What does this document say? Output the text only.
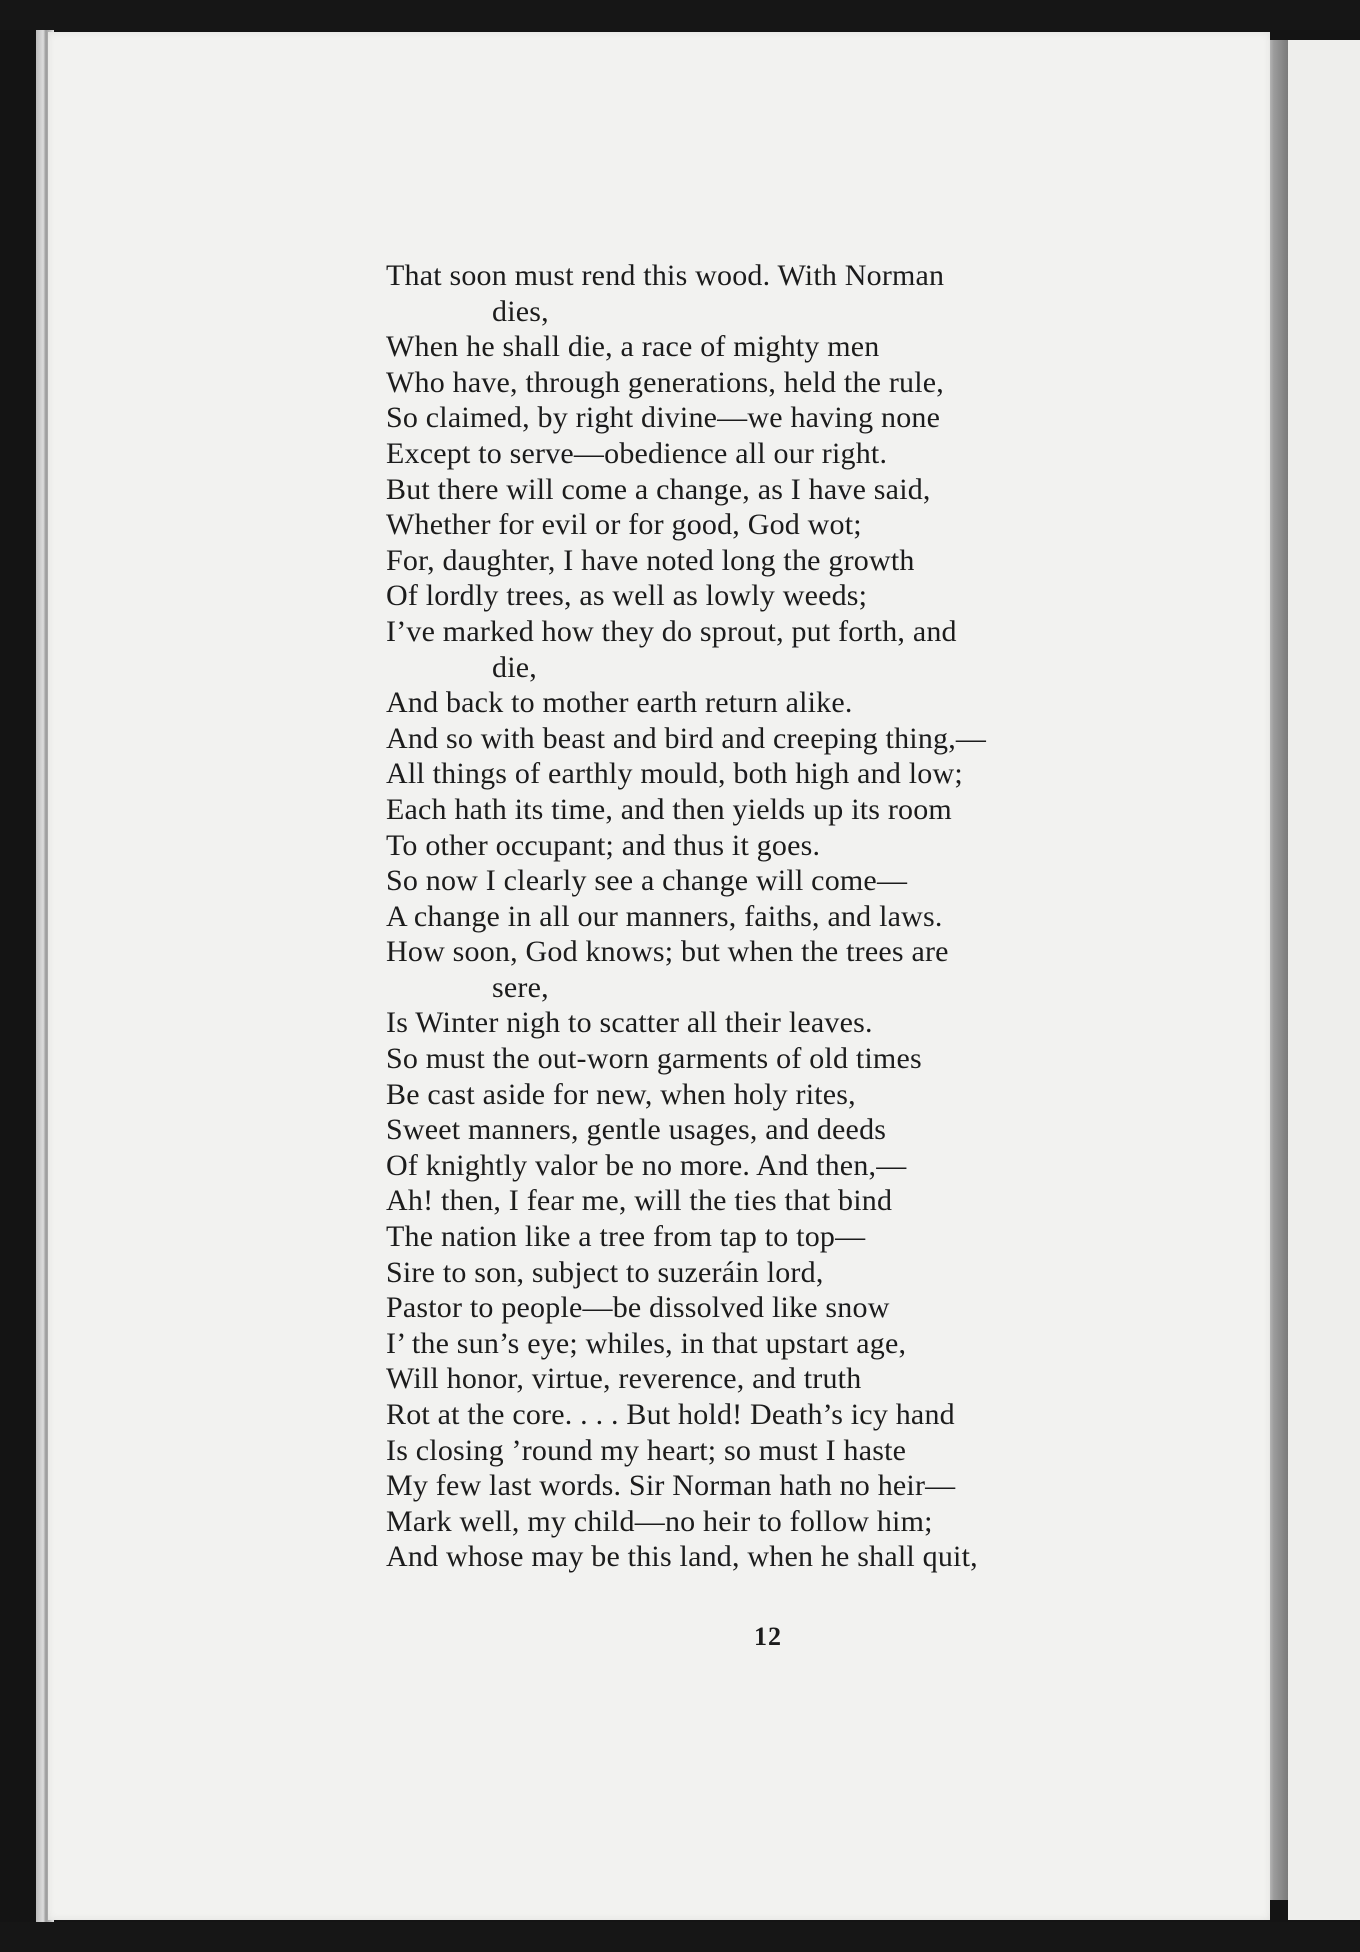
That soon must rend this wood. With Norman
dies,
When he shall die, a race of mighty men
Who have, through generations, held the rule,
So claimed, by right divine—we having none
Except to serve—obedience all our right.
But there will come a change, as I have said,
Whether for evil or for good, God wot;
For, daughter, I have noted long the growth
Of lordly trees, as well as lowly weeds;
I’ve marked how they do sprout, put forth, and
die,
And back to mother earth return alike.
And so with beast and bird and creeping thing,—
All things of earthly mould, both high and low;
Each hath its time, and then yields up its room
To other occupant; and thus it goes.
So now I clearly see a change will come—
A change in all our manners, faiths, and laws.
How soon, God knows; but when the trees are
sere,
Is Winter nigh to scatter all their leaves.
So must the out-worn garments of old times
Be cast aside for new, when holy rites,
Sweet manners, gentle usages, and deeds
Of knightly valor be no more. And then,—
Ah! then, I fear me, will the ties that bind
The nation like a tree from tap to top—
Sire to son, subject to suzeráin lord,
Pastor to people—be dissolved like snow
I’ the sun’s eye; whiles, in that upstart age,
Will honor, virtue, reverence, and truth
Rot at the core. . . . But hold! Death’s icy hand
Is closing ’round my heart; so must I haste
My few last words. Sir Norman hath no heir—
Mark well, my child—no heir to follow him;
And whose may be this land, when he shall quit,
12
